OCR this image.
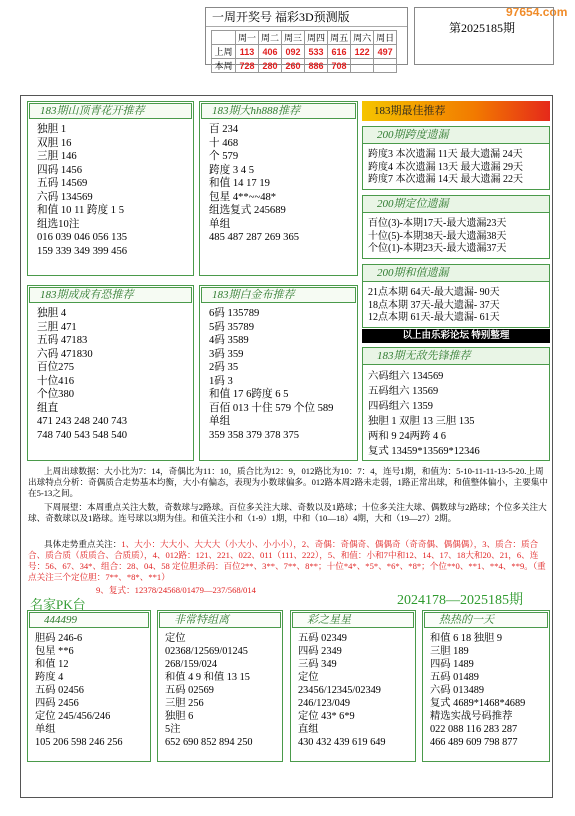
97654.com
一周开奖号 福彩3D预测版
	周一	周二	周三	周四	周五	周六	周日
上周	113	406	092	533	616	122	497
本周	728	280	260	886	708		
第2025185期
183期山顶青花开推荐
独胆 1
双胆 16
三胆 146
四码 1456
五码 14569
六码 134569
和值 10 11 跨度 1 5
组选10注
016 039 046 056 135
159 339 349 399 456
183期大hh888推荐
百 234
十 468
个 579
跨度 3 4 5
和值 14 17 19
包星 4**~~48*
组选复式 245689
单组
485 487 287 269 365
183期成成有恐推荐
独胆 4
三胆 471
五码 47183
六码 471830
百位275
十位416
个位380
组直
471 243 248 240 743
748 740 543 548 540
183期白金布推荐
6码 135789
5码 35789
4码 3589
3码 359
2码 35
1码 3
和值 17 6跨度 6 5
百佰 013 十住 579 个位 589
单组
359 358 379 378 375
183期最佳推荐
200期跨度遗漏
跨度3 本次遗漏 11天 最大遗漏 24天
跨度4 本次遗漏 13天 最大遗漏 29天
跨度7 本次遗漏 14天 最大遗漏 22天
200期定位遗漏
百位(3)-本期17天-最大遗漏23天
十位(5)-本期38天-最大遗漏38天
个位(1)-本期23天-最大遗漏37天
200期和值遗漏
21点本期 64天-最大遗漏- 90天
18点本期 37天-最大遗漏- 37天
12点本期 61天-最大遗漏- 61天
以上由乐彩论坛 特别整理
183期无敌先锋推荐
六码组六 134569
五码组六 13569
四码组六 1359
独胆 1 双胆 13 三胆 135
两和 9 24两跨 4 6
复式 13459*13569*12346
上周出球数据：大小比为7：14，奇偶比为11：10，质合比为12：9，012路比为10：7：4，连号1期，和值为：5-10-11-11-13-5-20.上周出球特点分析：奇偶质合走势基本均衡，大小有偏态，表现为小数球偏多。012路本周2路未走弱，1路正常出球，和值整体偏小，主要集中在5-13之间。
下周展望：本周重点关注大数，奇数球与2路球。百位多关注大球、奇数以及1路球；十位多关注大球、偶数球与2路球；个位多关注大球、奇数球以及1路球。连号球以3期为佳。和值关注小和（1-9）1期，中和（10—18）4期，大和（19—27）2期。
具体走势重点关注：1、大小：大大小、大大大（小大小、小小小），2、奇偶：奇偶奇、偶偶奇（奇奇偶、偶偶偶），3、质合：质合合、质合质（质质合、合质质），4、012路：121、221、022、011（111、222），5、和值：小和7中和12、14、17、18大和20、21，6、连号：56、67、34*、组合：28、04、58 定位胆杀码：百位2**、3**、7**、8**；十位*4*、*5*、*6*、*8*；个位**0、**1、**4、**9。（重点关注三个定位胆：7**、*8*、**1）
9、复式：12378/24568/01479—237/568/014
名家PK台	2024178—2025185期
444499
胆码 246-6
包星 **6
和值 12
跨度 4
五码 02456
四码 2456
定位 245/456/246
单组
105 206 598 246 256
非常特组离
定位
02368/12569/01245
268/159/024
和值 4 9 和值 13 15
五码 02569
三胆 256
独胆 6
5注
652 690 852 894 250
彩之星星
五码 02349
四码 2349
三码 349
定位
23456/12345/02349
246/123/049
定位 43* 6*9
直组
430 432 439 619 649
热热的一天
和值 6 18 独胆 9
三胆 189
四码 1489
五码 01489
六码 013489
复式 4689*1468*4689
精选实战号码推荐
022 088 116 283 287
466 489 609 798 877
